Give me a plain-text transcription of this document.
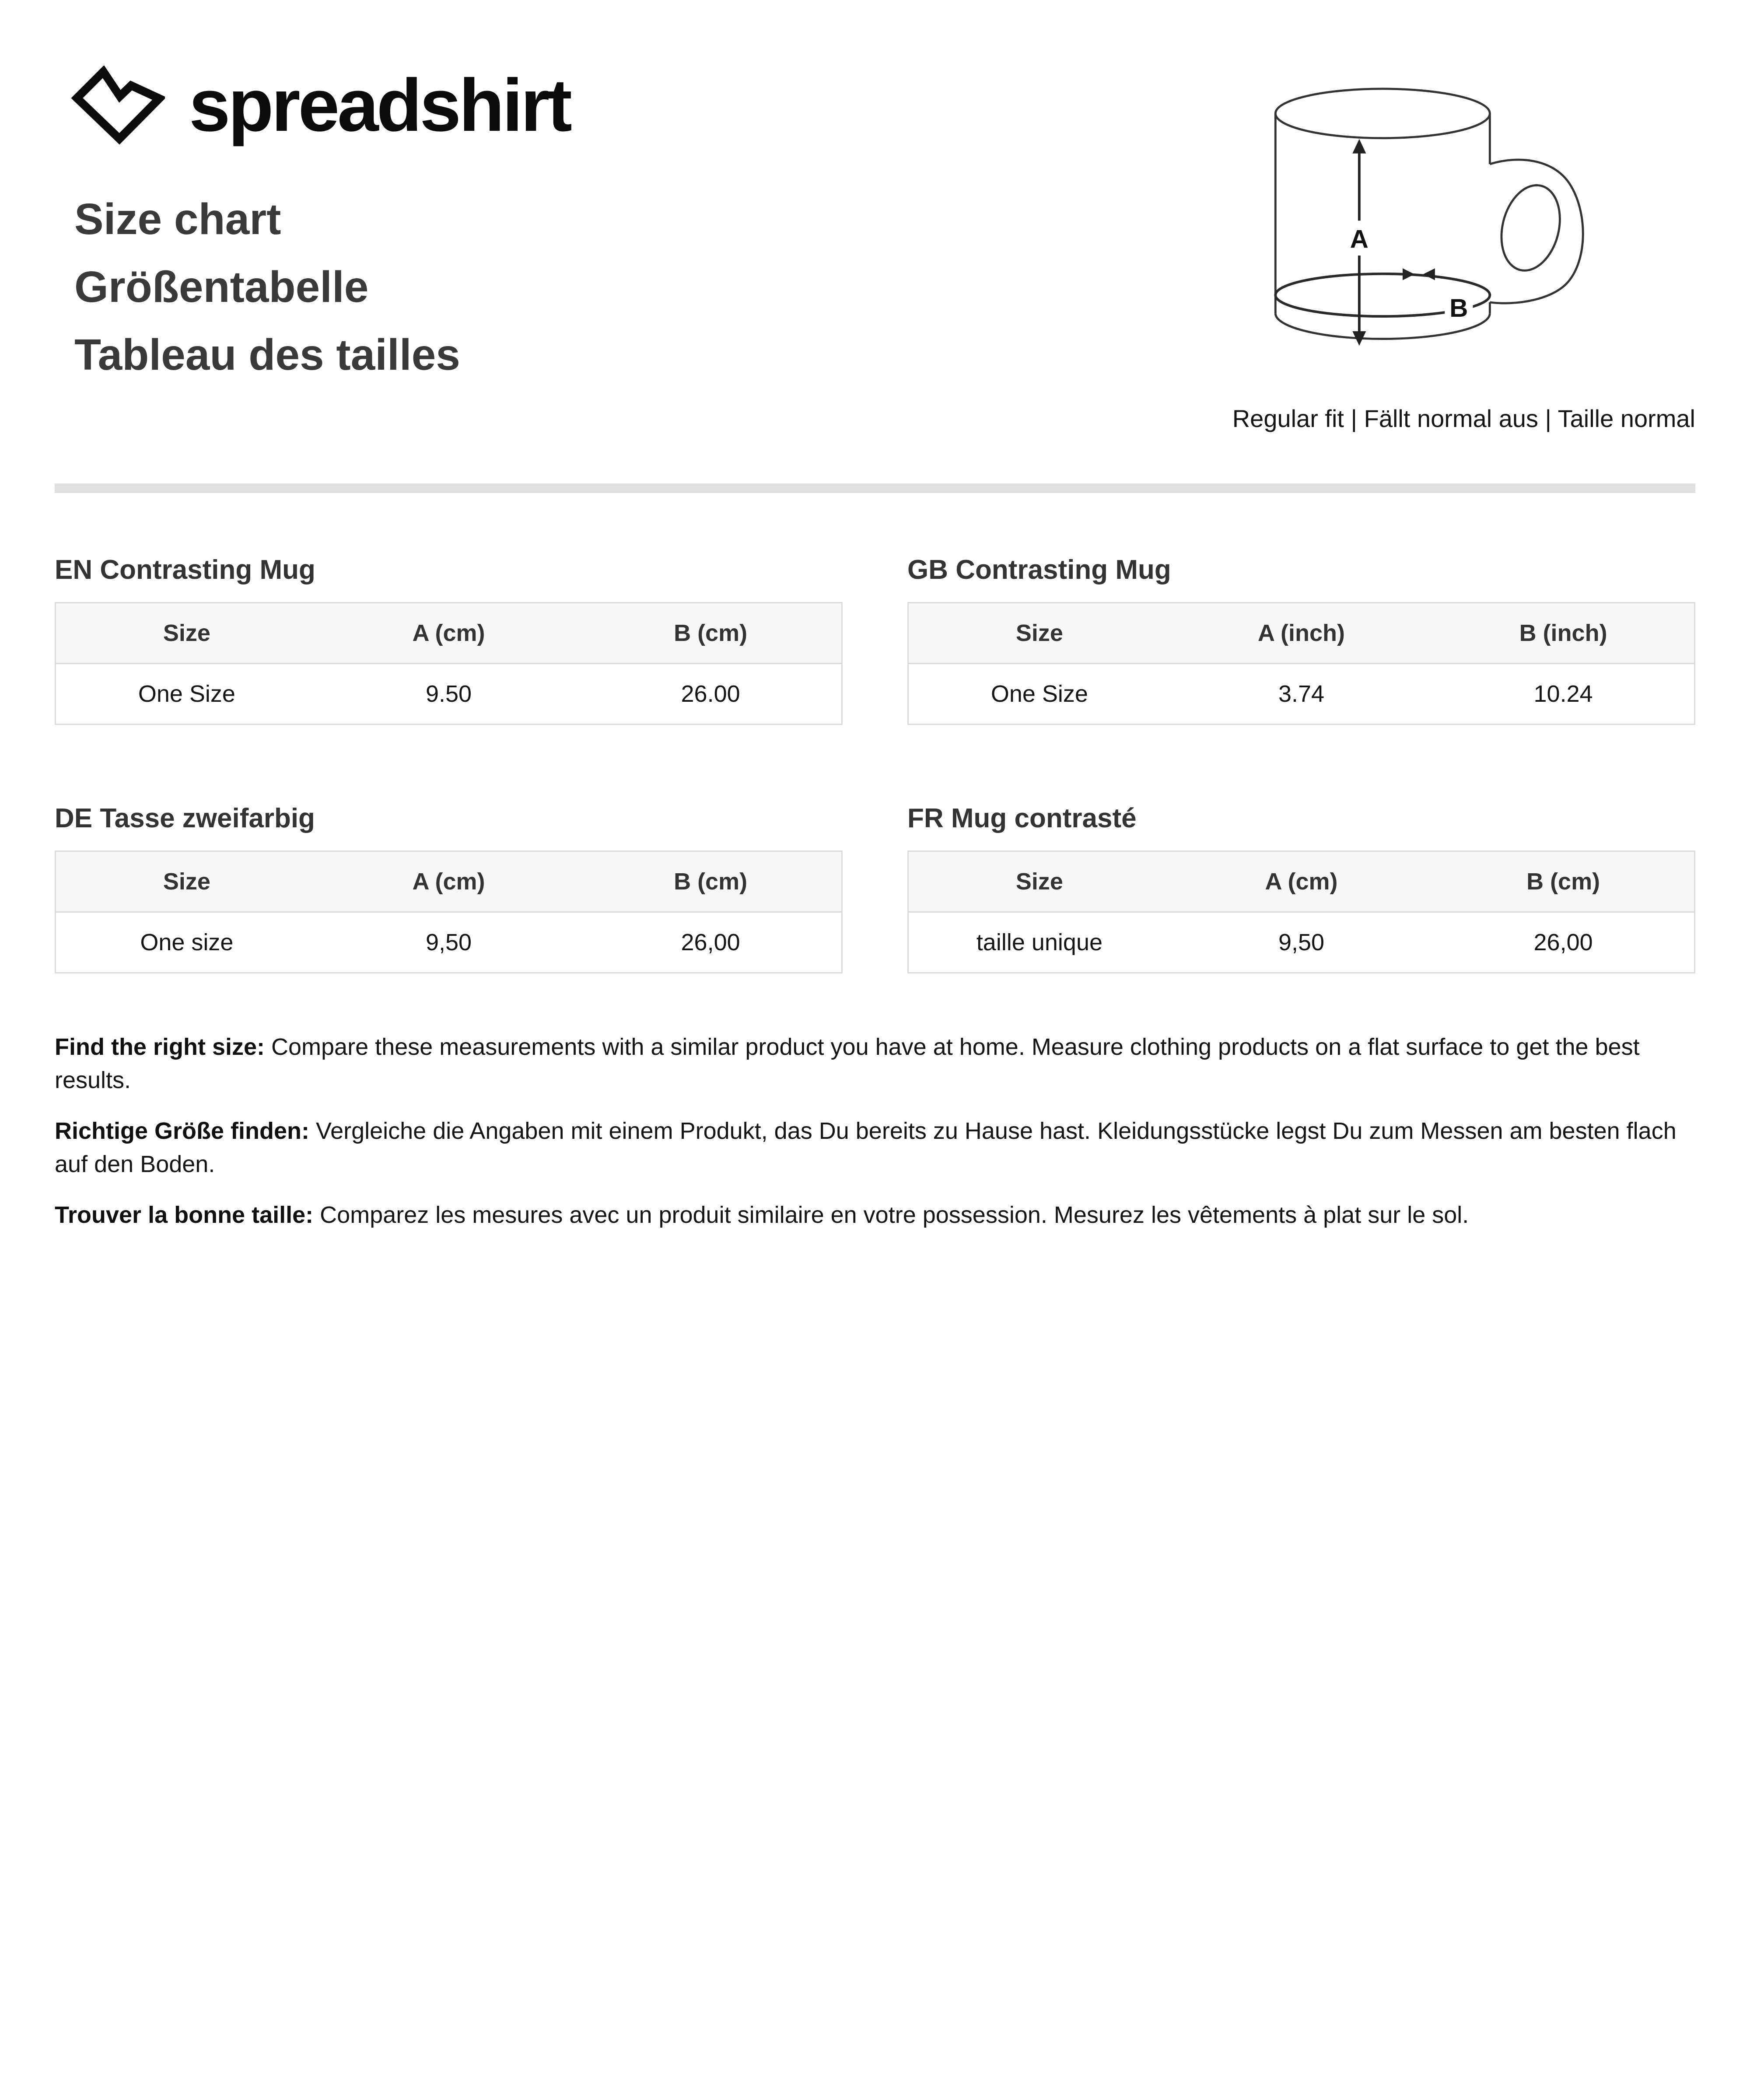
spreadshirt
Size chart
Größentabelle
Tableau des tailles
A
B
Regular fit | Fällt normal aus | Taille normal
EN Contrasting Mug
Size	A (cm)	B (cm)
One Size	9.50	26.00
GB Contrasting Mug
Size	A (inch)	B (inch)
One Size	3.74	10.24
DE Tasse zweifarbig
Size	A (cm)	B (cm)
One size	9,50	26,00
FR Mug contrasté
Size	A (cm)	B (cm)
taille unique	9,50	26,00

Find the right size: Compare these measurements with a similar product you have at home. Measure clothing products on a flat surface to get the best results.

Richtige Größe finden: Vergleiche die Angaben mit einem Produkt, das Du bereits zu Hause hast. Kleidungsstücke legst Du zum Messen am besten flach auf den Boden.

Trouver la bonne taille: Comparez les mesures avec un produit similaire en votre possession. Mesurez les vêtements à plat sur le sol.
